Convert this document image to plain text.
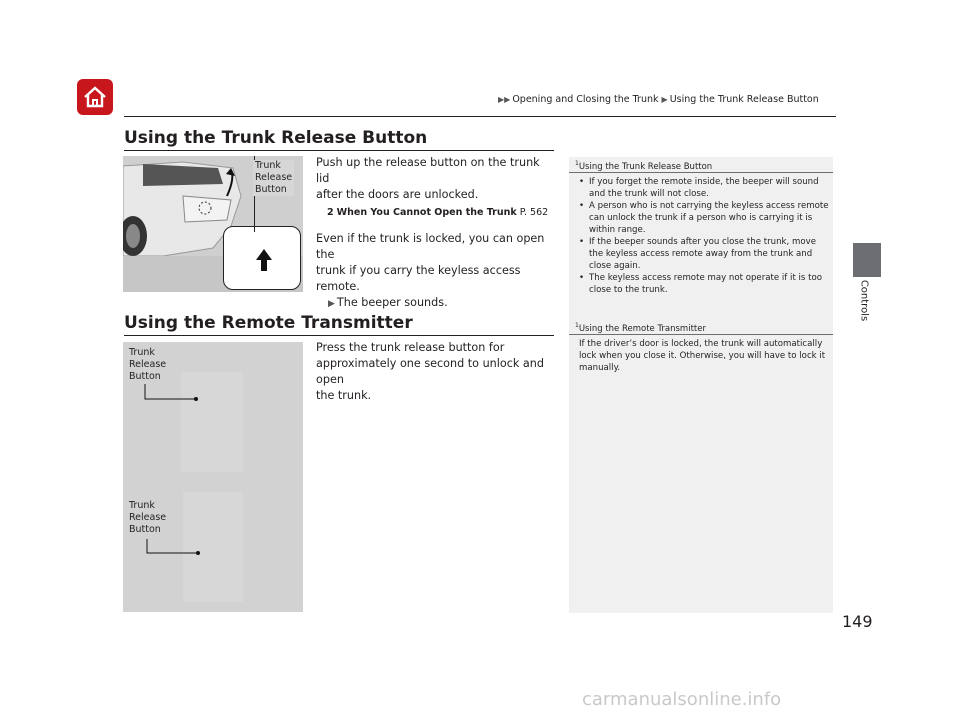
▶▶ Opening and Closing the Trunk ▶ Using the Trunk Release Button
Controls
Using the Trunk Release Button
Trunk
Release
Button
Push up the release button on the trunk lid
after the doors are unlocked.
2 When You Cannot Open the Trunk P. 562
Even if the trunk is locked, you can open the
trunk if you carry the keyless access remote.
▶ The beeper sounds.
Using the Remote Transmitter
Trunk
Release
Button
Trunk
Release
Button
Press the trunk release button for
approximately one second to unlock and open
the trunk.
$^1$Using the Trunk Release Button
• If you forget the remote inside, the beeper will sound and the trunk will not close.
• A person who is not carrying the keyless access remote can unlock the trunk if a person who is carrying it is within range.
• If the beeper sounds after you close the trunk, move the keyless access remote away from the trunk and close again.
• The keyless access remote may not operate if it is too close to the trunk.
$^1$Using the Remote Transmitter
If the driver’s door is locked, the trunk will automatically lock when you close it. Otherwise, you will have to lock it manually.
149
carmanualsonline.info
